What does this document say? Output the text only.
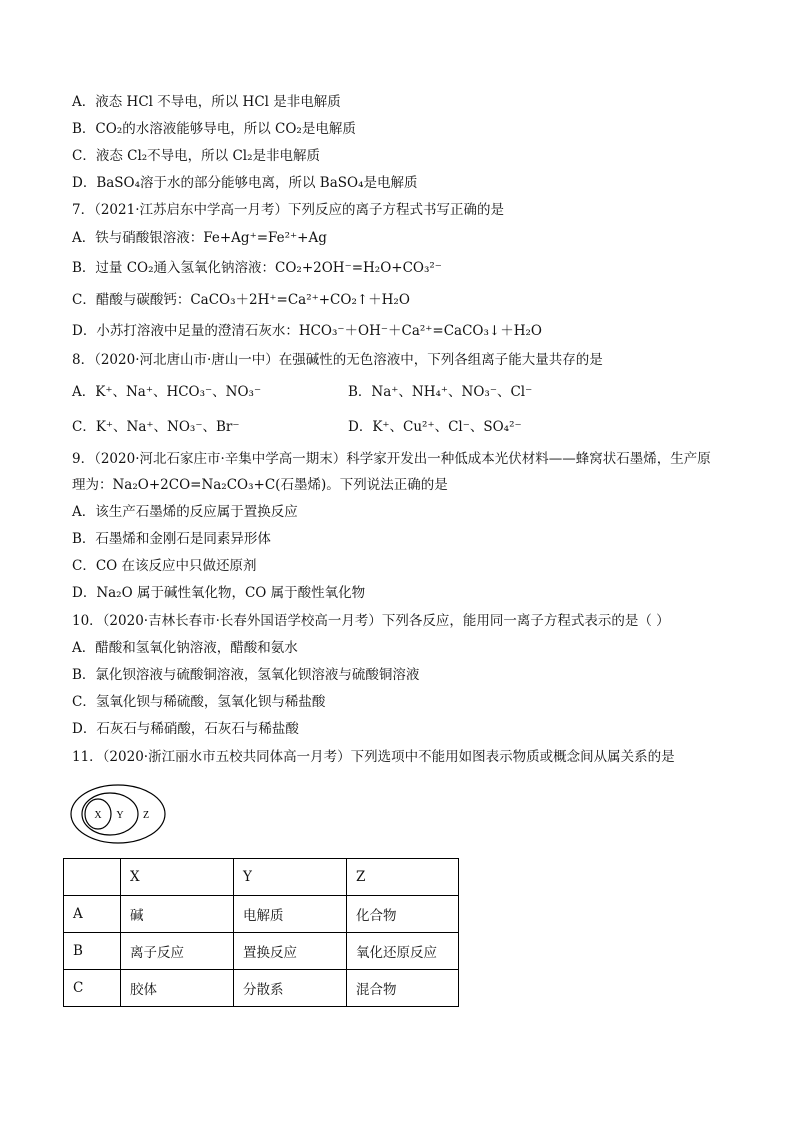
A．液态 HCl 不导电，所以 HCl 是非电解质
B．CO₂的水溶液能够导电，所以 CO₂是电解质
C．液态 Cl₂不导电，所以 Cl₂是非电解质
D．BaSO₄溶于水的部分能够电离，所以 BaSO₄是电解质
7．（2021·江苏启东中学高一月考）下列反应的离子方程式书写正确的是
A．铁与硝酸银溶液：Fe+Ag⁺=Fe²⁺+Ag
B．过量 CO₂通入氢氧化钠溶液：CO₂+2OH⁻=H₂O+CO₃²⁻
C．醋酸与碳酸钙：CaCO₃＋2H⁺=Ca²⁺+CO₂↑＋H₂O
D．小苏打溶液中足量的澄清石灰水：HCO₃⁻＋OH⁻＋Ca²⁺=CaCO₃↓＋H₂O
8．（2020·河北唐山市·唐山一中）在强碱性的无色溶液中，下列各组离子能大量共存的是
A．K⁺、Na⁺、HCO₃⁻、NO₃⁻	B．Na⁺、NH₄⁺、NO₃⁻、Cl⁻
C．K⁺、Na⁺、NO₃⁻、Br⁻	D．K⁺、Cu²⁺、Cl⁻、SO₄²⁻
9．（2020·河北石家庄市·辛集中学高一期末）科学家开发出一种低成本光伏材料——蜂窝状石墨烯，生产原
理为：Na₂O+2CO=Na₂CO₃+C(石墨烯)。下列说法正确的是
A．该生产石墨烯的反应属于置换反应
B．石墨烯和金刚石是同素异形体
C．CO 在该反应中只做还原剂
D．Na₂O 属于碱性氧化物，CO 属于酸性氧化物
10．（2020·吉林长春市·长春外国语学校高一月考）下列各反应，能用同一离子方程式表示的是（ ）
A．醋酸和氢氧化钠溶液，醋酸和氨水
B．氯化钡溶液与硫酸铜溶液，氢氧化钡溶液与硫酸铜溶液
C．氢氧化钡与稀硫酸，氢氧化钡与稀盐酸
D．石灰石与稀硝酸，石灰石与稀盐酸
11．（2020·浙江丽水市五校共同体高一月考）下列选项中不能用如图表示物质或概念间从属关系的是
X Y Z
	X	Y	Z
A	碱	电解质	化合物
B	离子反应	置换反应	氧化还原反应
C	胶体	分散系	混合物
